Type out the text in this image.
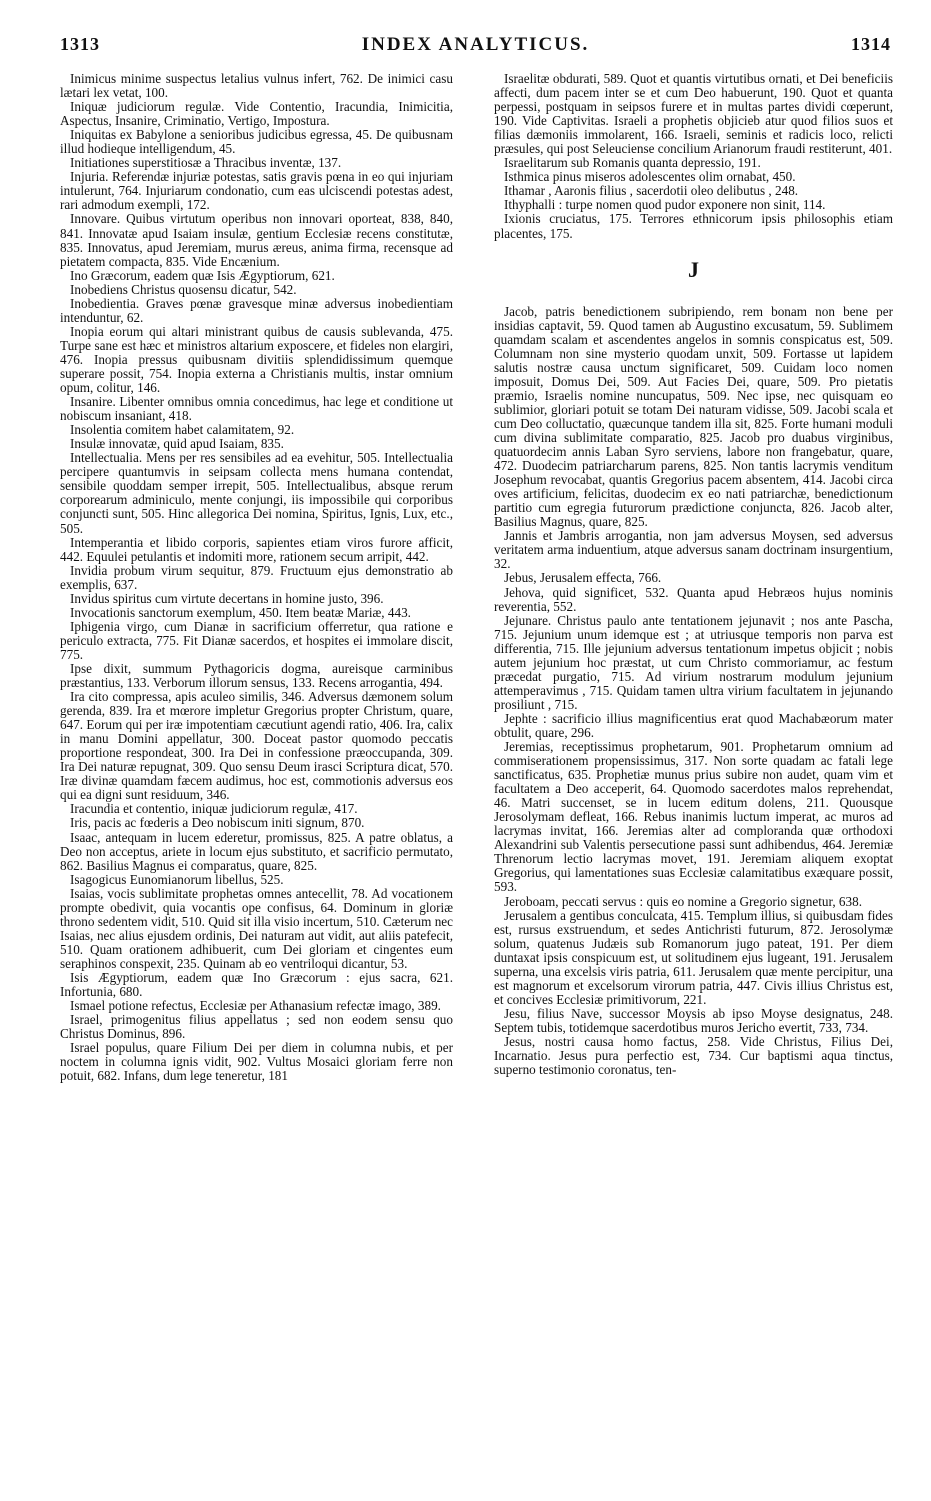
1313	INDEX ANALYTICUS.	1314

Inimicus minime suspectus letalius vulnus infert, 762. De inimici casu lætari lex vetat, 100.

Iniquæ judiciorum regulæ. Vide Contentio, Iracundia, Inimicitia, Aspectus, Insanire, Criminatio, Vertigo, Impostura.

Iniquitas ex Babylone a senioribus judicibus egressa, 45. De quibusnam illud hodieque intelligendum, 45.

Initiationes superstitiosæ a Thracibus inventæ, 137.

Injuria. Referendæ injuriæ potestas, satis gravis pœna in eo qui injuriam intulerunt, 764. Injuriarum condonatio, cum eas ulciscendi potestas adest, rari admodum exempli, 172.

Innovare. Quibus virtutum operibus non innovari oporteat, 838, 840, 841. Innovatæ apud Isaiam insulæ, gentium Ecclesiæ recens constitutæ, 835. Innovatus, apud Jeremiam, murus æreus, anima firma, recensque ad pietatem compacta, 835. Vide Encænium.

Ino Græcorum, eadem quæ Isis Ægyptiorum, 621.

Inobediens Christus quosensu dicatur, 542.

Inobedientia. Graves pœnæ gravesque minæ adversus inobedientiam intenduntur, 62.

Inopia eorum qui altari ministrant quibus de causis sublevanda, 475. Turpe sane est hæc et ministros altarium exposcere, et fideles non elargiri, 476. Inopia pressus quibusnam divitiis splendidissimum quemque superare possit, 754. Inopia externa a Christianis multis, instar omnium opum, colitur, 146.

Insanire. Libenter omnibus omnia concedimus, hac lege et conditione ut nobiscum insaniant, 418.

Insolentia comitem habet calamitatem, 92.

Insulæ innovatæ, quid apud Isaiam, 835.

Intellectualia. Mens per res sensibiles ad ea evehitur, 505. Intellectualia percipere quantumvis in seipsam collecta mens humana contendat, sensibile quoddam semper irrepit, 505. Intellectualibus, absque rerum corporearum adminiculo, mente conjungi, iis impossibile qui corporibus conjuncti sunt, 505. Hinc allegorica Dei nomina, Spiritus, Ignis, Lux, etc., 505.

Intemperantia et libido corporis, sapientes etiam viros furore afficit, 442. Equulei petulantis et indomiti more, rationem secum arripit, 442.

Invidia probum virum sequitur, 879. Fructuum ejus demonstratio ab exemplis, 637.

Invidus spiritus cum virtute decertans in homine justo, 396.

Invocationis sanctorum exemplum, 450. Item beatæ Mariæ, 443.

Iphigenia virgo, cum Dianæ in sacrificium offerretur, qua ratione e periculo extracta, 775. Fit Dianæ sacerdos, et hospites ei immolare discit, 775.

Ipse dixit, summum Pythagoricis dogma, aureisque carminibus præstantius, 133. Verborum illorum sensus, 133. Recens arrogantia, 494.

Ira cito compressa, apis aculeo similis, 346. Adversus dæmonem solum gerenda, 839. Ira et mœrore impletur Gregorius propter Christum, quare, 647. Eorum qui per iræ impotentiam cæcutiunt agendi ratio, 406. Ira, calix in manu Domini appellatur, 300. Doceat pastor quomodo peccatis proportione respondeat, 300. Ira Dei in confessione præoccupanda, 309. Ira Dei naturæ repugnat, 309. Quo sensu Deum irasci Scriptura dicat, 570. Iræ divinæ quamdam fæcem audimus, hoc est, commotionis adversus eos qui ea digni sunt residuum, 346.

Iracundia et contentio, iniquæ judiciorum regulæ, 417.

Iris, pacis ac fœderis a Deo nobiscum initi signum, 870.

Isaac, antequam in lucem ederetur, promissus, 825. A patre oblatus, a Deo non acceptus, ariete in locum ejus substituto, et sacrificio permutato, 862. Basilius Magnus ei comparatus, quare, 825.

Isagogicus Eunomianorum libellus, 525.

Isaias, vocis sublimitate prophetas omnes antecellit, 78. Ad vocationem prompte obedivit, quia vocantis ope confisus, 64. Dominum in gloriæ throno sedentem vidit, 510. Quid sit illa visio incertum, 510. Cæterum nec Isaias, nec alius ejusdem ordinis, Dei naturam aut vidit, aut aliis patefecit, 510. Quam orationem adhibuerit, cum Dei gloriam et cingentes eum seraphinos conspexit, 235. Quinam ab eo ventriloqui dicantur, 53.

Isis Ægyptiorum, eadem quæ Ino Græcorum : ejus sacra, 621. Infortunia, 680.

Ismael potione refectus, Ecclesiæ per Athanasium refectæ imago, 389.

Israel, primogenitus filius appellatus ; sed non eodem sensu quo Christus Dominus, 896.

Israel populus, quare Filium Dei per diem in columna nubis, et per noctem in columna ignis vidit, 902. Vultus Mosaici gloriam ferre non potuit, 682. Infans, dum lege teneretur, 181

Israelitæ obdurati, 589. Quot et quantis virtutibus ornati, et Dei beneficiis affecti, dum pacem inter se et cum Deo habuerunt, 190. Quot et quanta perpessi, postquam in seipsos furere et in multas partes dividi cœperunt, 190. Vide Captivitas. Israeli a prophetis objicieb atur quod filios suos et filias dæmoniis immolarent, 166. Israeli, seminis et radicis loco, relicti præsules, qui post Seleuciense concilium Arianorum fraudi restiterunt, 401.

Israelitarum sub Romanis quanta depressio, 191.

Isthmica pinus miseros adolescentes olim ornabat, 450.

Ithamar , Aaronis filius , sacerdotii oleo delibutus , 248.

Ithyphalli : turpe nomen quod pudor exponere non sinit, 114.

Ixionis cruciatus, 175. Terrores ethnicorum ipsis philosophis etiam placentes, 175.

J

Jacob, patris benedictionem subripiendo, rem bonam non bene per insidias captavit, 59. Quod tamen ab Augustino excusatum, 59. Sublimem quamdam scalam et ascendentes angelos in somnis conspicatus est, 509. Columnam non sine mysterio quodam unxit, 509. Fortasse ut lapidem salutis nostræ causa unctum significaret, 509. Cuidam loco nomen imposuit, Domus Dei, 509. Aut Facies Dei, quare, 509. Pro pietatis præmio, Israelis nomine nuncupatus, 509. Nec ipse, nec quisquam eo sublimior, gloriari potuit se totam Dei naturam vidisse, 509. Jacobi scala et cum Deo colluctatio, quæcunque tandem illa sit, 825. Forte humani moduli cum divina sublimitate comparatio, 825. Jacob pro duabus virginibus, quatuordecim annis Laban Syro serviens, labore non frangebatur, quare, 472. Duodecim patriarcharum parens, 825. Non tantis lacrymis venditum Josephum revocabat, quantis Gregorius pacem absentem, 414. Jacobi circa oves artificium, felicitas, duodecim ex eo nati patriarchæ, benedictionum partitio cum egregia futurorum prædictione conjuncta, 826. Jacob alter, Basilius Magnus, quare, 825.

Jannis et Jambris arrogantia, non jam adversus Moysen, sed adversus veritatem arma induentium, atque adversus sanam doctrinam insurgentium, 32.

Jebus, Jerusalem effecta, 766.

Jehova, quid significet, 532. Quanta apud Hebræos hujus nominis reverentia, 552.

Jejunare. Christus paulo ante tentationem jejunavit ; nos ante Pascha, 715. Jejunium unum idemque est ; at utriusque temporis non parva est differentia, 715. Ille jejunium adversus tentationum impetus objicit ; nobis autem jejunium hoc præstat, ut cum Christo commoriamur, ac festum præcedat purgatio, 715. Ad virium nostrarum modulum jejunium attemperavimus , 715. Quidam tamen ultra virium facultatem in jejunando prosiliunt , 715.

Jephte : sacrificio illius magnificentius erat quod Machabæorum mater obtulit, quare, 296.

Jeremias, receptissimus prophetarum, 901. Prophetarum omnium ad commiserationem propensissimus, 317. Non sorte quadam ac fatali lege sanctificatus, 635. Prophetiæ munus prius subire non audet, quam vim et facultatem a Deo acceperit, 64. Quomodo sacerdotes malos reprehendat, 46. Matri succenset, se in lucem editum dolens, 211. Quousque Jerosolymam defleat, 166. Rebus inanimis luctum imperat, ac muros ad lacrymas invitat, 166. Jeremias alter ad comploranda quæ orthodoxi Alexandrini sub Valentis persecutione passi sunt adhibendus, 464. Jeremiæ Threnorum lectio lacrymas movet, 191. Jeremiam aliquem exoptat Gregorius, qui lamentationes suas Ecclesiæ calamitatibus exæquare possit, 593.

Jeroboam, peccati servus : quis eo nomine a Gregorio signetur, 638.

Jerusalem a gentibus conculcata, 415. Templum illius, si quibusdam fides est, rursus exstruendum, et sedes Antichristi futurum, 872. Jerosolymæ solum, quatenus Judæis sub Romanorum jugo pateat, 191. Per diem duntaxat ipsis conspicuum est, ut solitudinem ejus lugeant, 191. Jerusalem superna, una excelsis viris patria, 611. Jerusalem quæ mente percipitur, una est magnorum et excelsorum virorum patria, 447. Civis illius Christus est, et concives Ecclesiæ primitivorum, 221.

Jesu, filius Nave, successor Moysis ab ipso Moyse designatus, 248. Septem tubis, totidemque sacerdotibus muros Jericho evertit, 733, 734.

Jesus, nostri causa homo factus, 258. Vide Christus, Filius Dei, Incarnatio. Jesus pura perfectio est, 734. Cur baptismi aqua tinctus, superno testimonio coronatus, ten-
